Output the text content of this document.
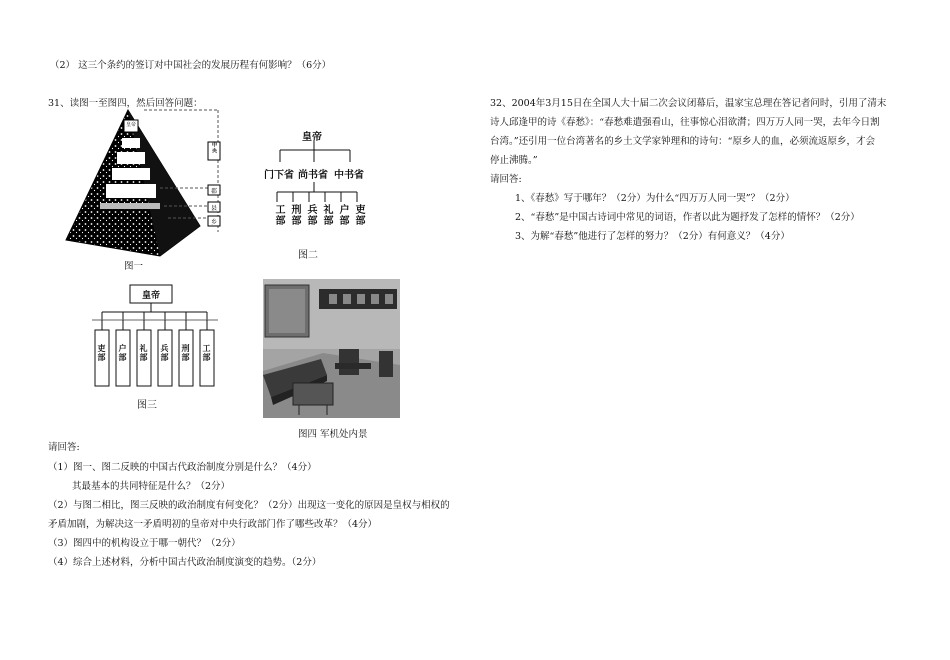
（2） 这三个条约的签订对中国社会的发展历程有何影响？（6分）
31、读图一至图四，然后回答问题：
皇帝
中央
郡
县
乡
图一
皇帝
门下省 尚书省 中书省
工部 刑部 兵部 礼部 户部 吏部
图二
皇帝
吏部 户部 礼部 兵部 刑部 工部
图三
图四 军机处内景
请回答:
（1）图一、图二反映的中国古代政治制度分别是什么？（4分）
其最基本的共同特征是什么？（2分）
（2）与图二相比，图三反映的政治制度有何变化？（2分）出现这一变化的原因是皇权与相权的
矛盾加剧，为解决这一矛盾明初的皇帝对中央行政部门作了哪些改革？（4分）
（3）图四中的机构设立于哪一朝代？（2分）
（4）综合上述材料，分析中国古代政治制度演变的趋势。（2分）
32、2004年3月15日在全国人大十届二次会议闭幕后，温家宝总理在答记者问时，引用了清末
诗人邱逢甲的诗《春愁》：“春愁难遣强看山，往事惊心泪欲潸；四万万人同一哭，去年今日割
台湾。”还引用一位台湾著名的乡土文学家钟理和的诗句：“原乡人的血，必须流返原乡，才会
停止沸腾。”
请回答:
1、《春愁》写于哪年？（2分）为什么“四万万人同一哭”？（2分）
2、“春愁”是中国古诗词中常见的词语，作者以此为题抒发了怎样的情怀？（2分）
3、为解“春愁”他进行了怎样的努力？（2分）有何意义？（4分）
